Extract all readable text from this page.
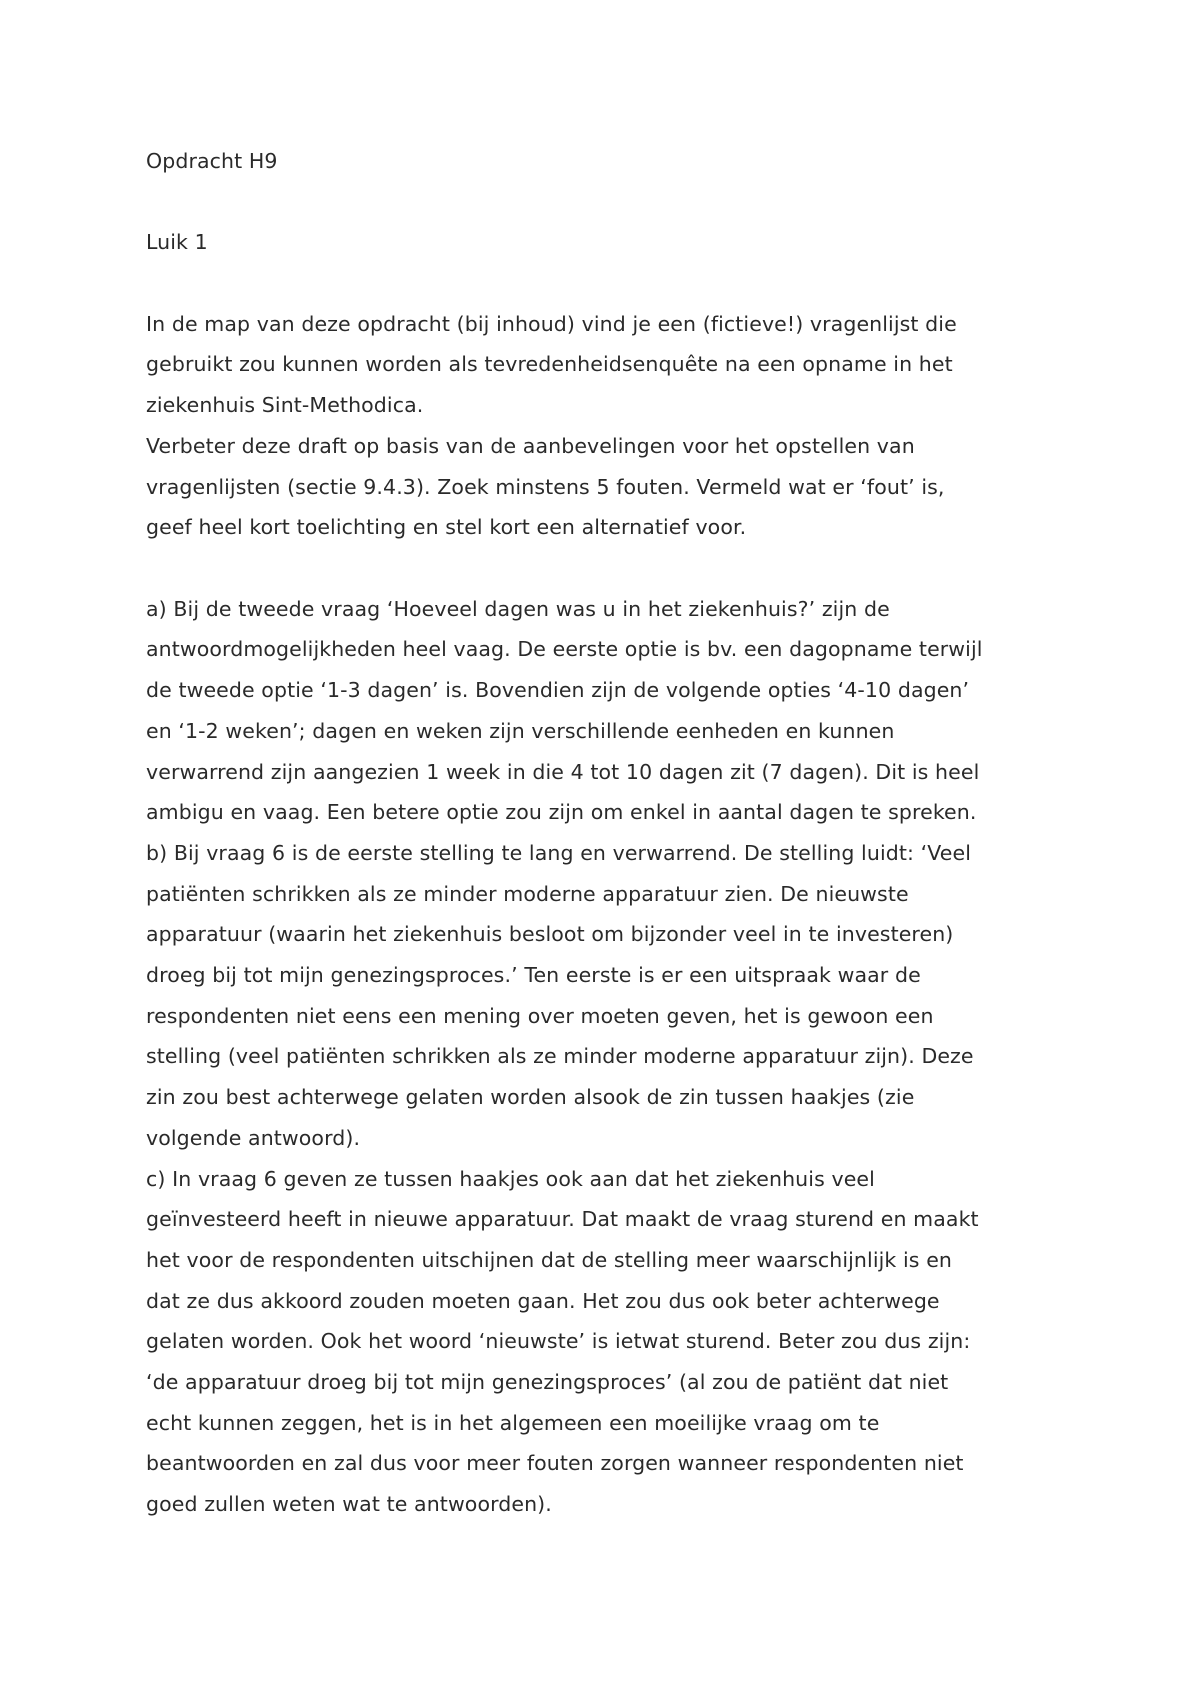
Opdracht H9

Luik 1

In de map van deze opdracht (bij inhoud) vind je een (fictieve!) vragenlijst die

gebruikt zou kunnen worden als tevredenheidsenquête na een opname in het

ziekenhuis Sint-Methodica.

Verbeter deze draft op basis van de aanbevelingen voor het opstellen van

vragenlijsten (sectie 9.4.3). Zoek minstens 5 fouten. Vermeld wat er ‘fout’ is,

geef heel kort toelichting en stel kort een alternatief voor.

a) Bij de tweede vraag ‘Hoeveel dagen was u in het ziekenhuis?’ zijn de

antwoordmogelijkheden heel vaag. De eerste optie is bv. een dagopname terwijl

de tweede optie ‘1-3 dagen’ is. Bovendien zijn de volgende opties ‘4-10 dagen’

en ‘1-2 weken’; dagen en weken zijn verschillende eenheden en kunnen

verwarrend zijn aangezien 1 week in die 4 tot 10 dagen zit (7 dagen). Dit is heel

ambigu en vaag. Een betere optie zou zijn om enkel in aantal dagen te spreken.

b) Bij vraag 6 is de eerste stelling te lang en verwarrend. De stelling luidt: ‘Veel

patiënten schrikken als ze minder moderne apparatuur zien. De nieuwste

apparatuur (waarin het ziekenhuis besloot om bijzonder veel in te investeren)

droeg bij tot mijn genezingsproces.’ Ten eerste is er een uitspraak waar de

respondenten niet eens een mening over moeten geven, het is gewoon een

stelling (veel patiënten schrikken als ze minder moderne apparatuur zijn). Deze

zin zou best achterwege gelaten worden alsook de zin tussen haakjes (zie

volgende antwoord).

c) In vraag 6 geven ze tussen haakjes ook aan dat het ziekenhuis veel

geïnvesteerd heeft in nieuwe apparatuur. Dat maakt de vraag sturend en maakt

het voor de respondenten uitschijnen dat de stelling meer waarschijnlijk is en

dat ze dus akkoord zouden moeten gaan. Het zou dus ook beter achterwege

gelaten worden. Ook het woord ‘nieuwste’ is ietwat sturend. Beter zou dus zijn:

‘de apparatuur droeg bij tot mijn genezingsproces’ (al zou de patiënt dat niet

echt kunnen zeggen, het is in het algemeen een moeilijke vraag om te

beantwoorden en zal dus voor meer fouten zorgen wanneer respondenten niet

goed zullen weten wat te antwoorden).
